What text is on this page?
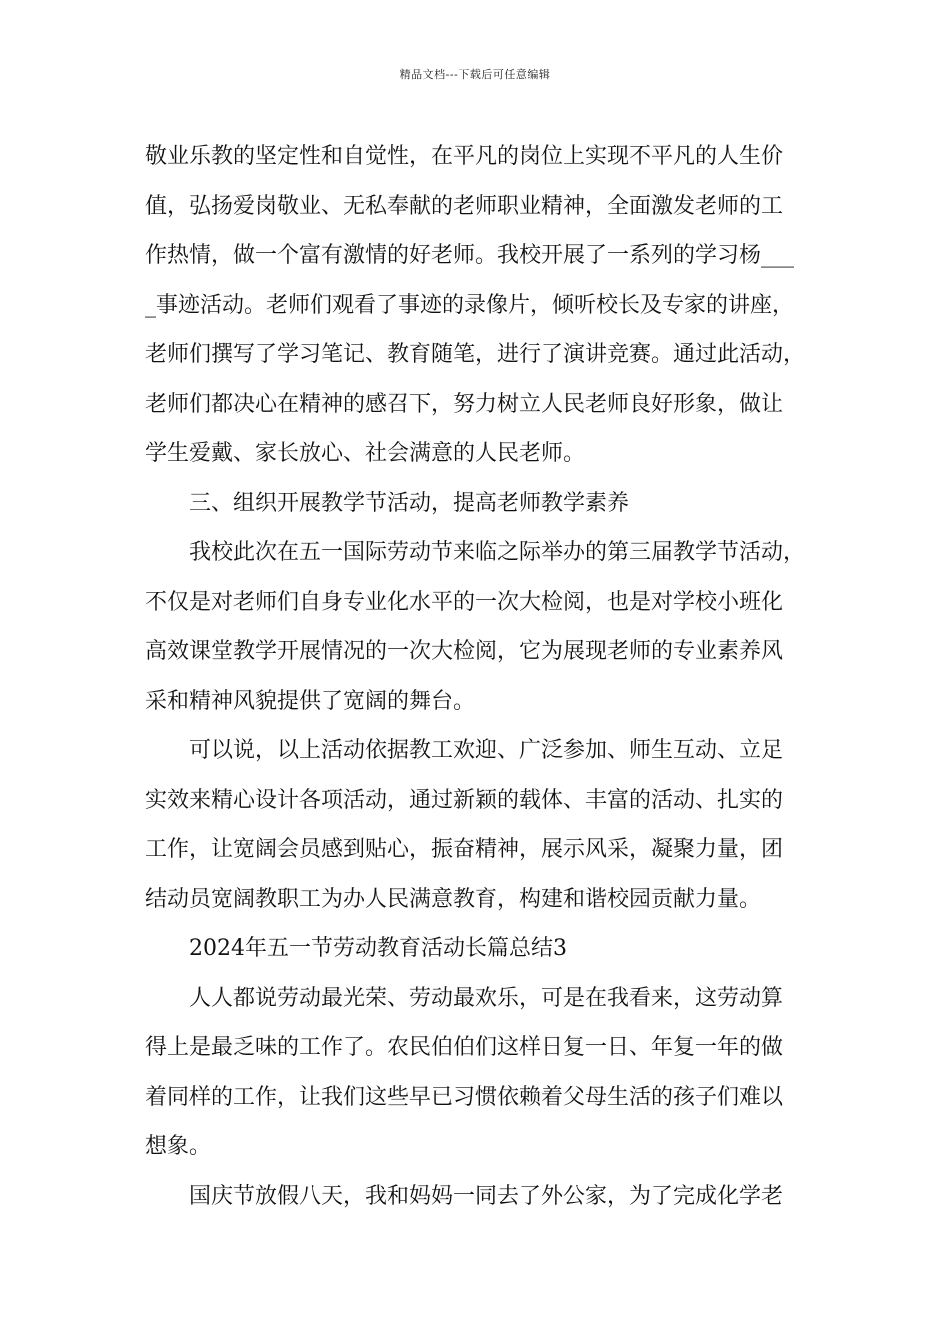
精品文档---下载后可任意编辑
敬业乐教的坚定性和自觉性，在平凡的岗位上实现不平凡的人生价
值，弘扬爱岗敬业、无私奉献的老师职业精神，全面激发老师的工
作热情，做一个富有激情的好老师。我校开展了一系列的学习杨___
_事迹活动。老师们观看了事迹的录像片，倾听校长及专家的讲座，
老师们撰写了学习笔记、教育随笔，进行了演讲竞赛。通过此活动，
老师们都决心在精神的感召下，努力树立人民老师良好形象，做让
学生爱戴、家长放心、社会满意的人民老师。
三、组织开展教学节活动，提高老师教学素养
我校此次在五一国际劳动节来临之际举办的第三届教学节活动，
不仅是对老师们自身专业化水平的一次大检阅，也是对学校小班化
高效课堂教学开展情况的一次大检阅，它为展现老师的专业素养风
采和精神风貌提供了宽阔的舞台。
可以说，以上活动依据教工欢迎、广泛参加、师生互动、立足
实效来精心设计各项活动，通过新颖的载体、丰富的活动、扎实的
工作，让宽阔会员感到贴心，振奋精神，展示风采，凝聚力量，团
结动员宽阔教职工为办人民满意教育，构建和谐校园贡献力量。
2024年五一节劳动教育活动长篇总结3
人人都说劳动最光荣、劳动最欢乐，可是在我看来，这劳动算
得上是最乏味的工作了。农民伯伯们这样日复一日、年复一年的做
着同样的工作，让我们这些早已习惯依赖着父母生活的孩子们难以
想象。
国庆节放假八天，我和妈妈一同去了外公家，为了完成化学老
